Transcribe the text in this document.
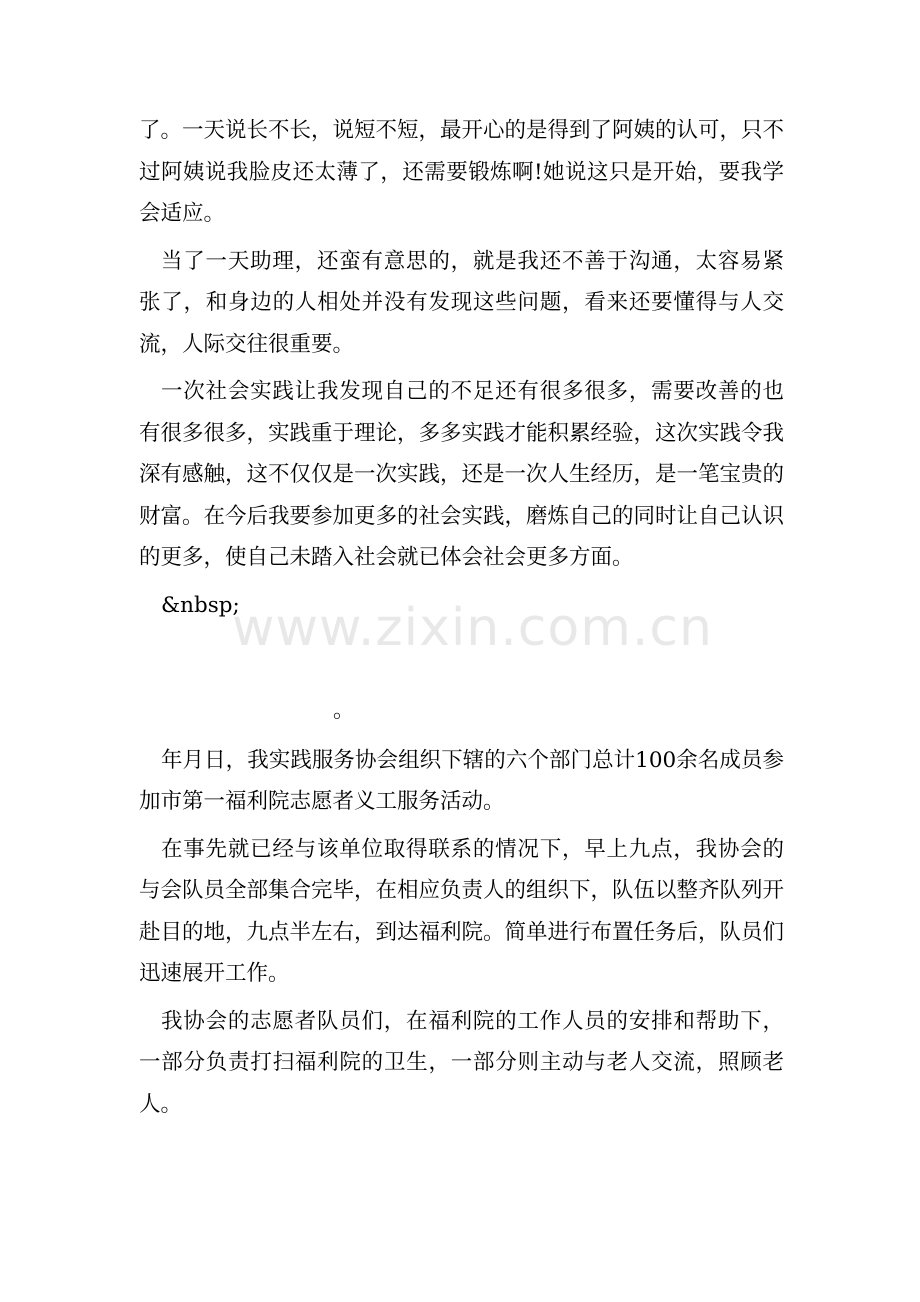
了。一天说长不长，说短不短，最开心的是得到了阿姨的认可，只不过阿姨说我脸皮还太薄了，还需要锻炼啊!她说这只是开始，要我学会适应。

当了一天助理，还蛮有意思的，就是我还不善于沟通，太容易紧张了，和身边的人相处并没有发现这些问题，看来还要懂得与人交流，人际交往很重要。

一次社会实践让我发现自己的不足还有很多很多，需要改善的也有很多很多，实践重于理论，多多实践才能积累经验，这次实践令我深有感触，这不仅仅是一次实践，还是一次人生经历，是一笔宝贵的财富。在今后我要参加更多的社会实践，磨炼自己的同时让自己认识的更多，使自己未踏入社会就已体会社会更多方面。

&nbsp;

。

年月日，我实践服务协会组织下辖的六个部门总计100余名成员参加市第一福利院志愿者义工服务活动。

在事先就已经与该单位取得联系的情况下，早上九点，我协会的与会队员全部集合完毕，在相应负责人的组织下，队伍以整齐队列开赴目的地，九点半左右，到达福利院。简单进行布置任务后，队员们迅速展开工作。

我协会的志愿者队员们，在福利院的工作人员的安排和帮助下，一部分负责打扫福利院的卫生，一部分则主动与老人交流，照顾老人。

www.zixin.com.cn
